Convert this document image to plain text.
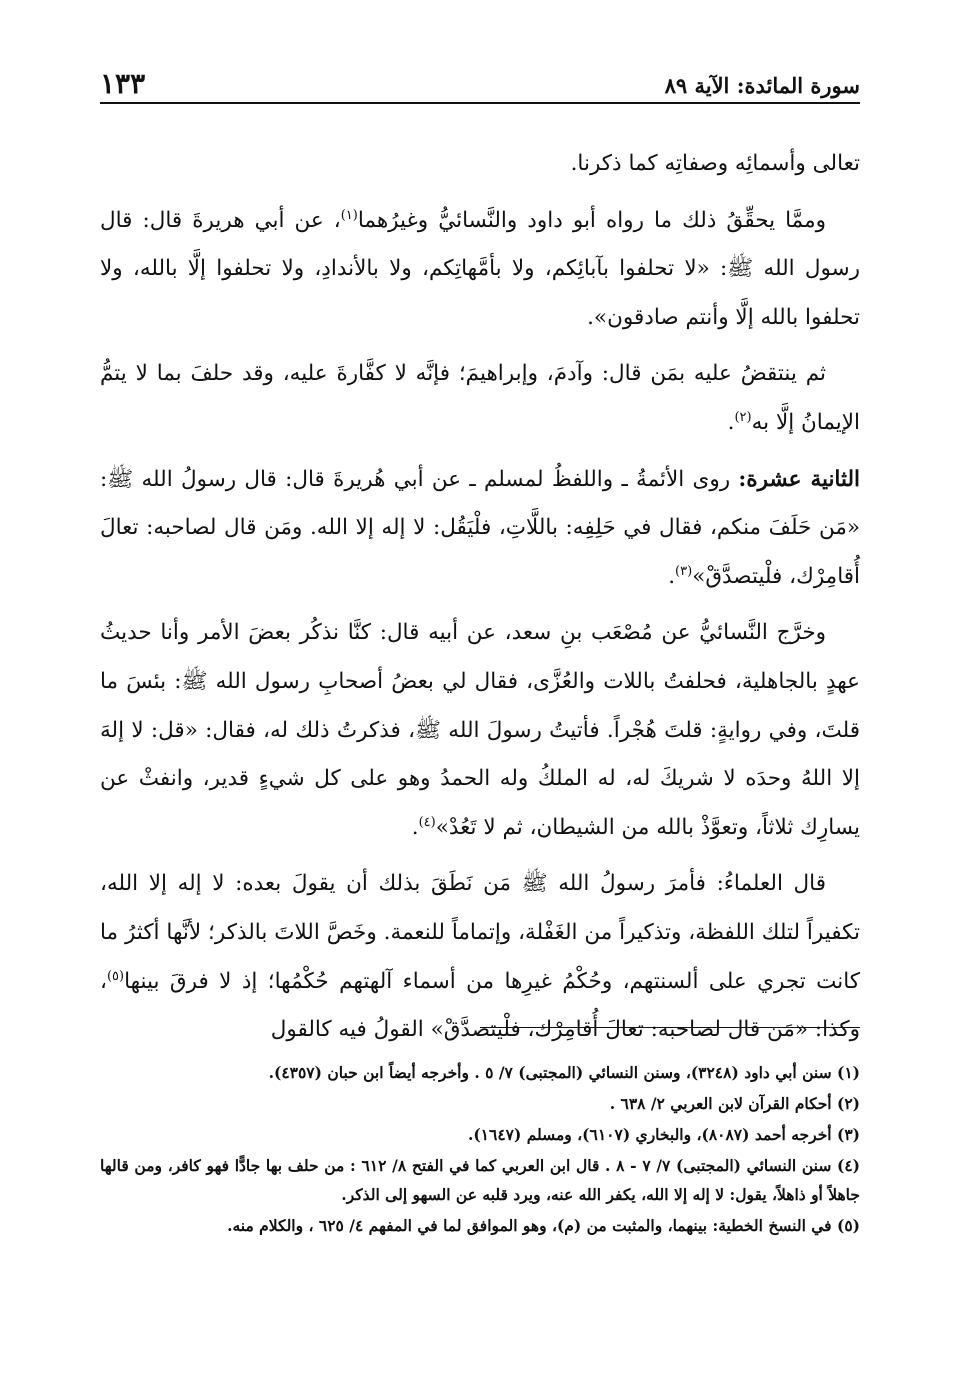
سورة المائدة: الآية ٨٩
١٣٣

تعالى وأسمائِه وصفاتِه كما ذكرنا.

وممَّا يحقِّقُ ذلك ما رواه أبو داود والنَّسائيُّ وغيرُهما$^{(١)}$، عن أبي هريرةَ قال: قال رسول الله ﷺ: «لا تحلفوا بآبائِكم، ولا بأمَّهاتِكم، ولا بالأندادِ، ولا تحلفوا إلَّا بالله، ولا تحلفوا بالله إلَّا وأنتم صادقون».

ثم ينتقضُ عليه بمَن قال: وآدمَ، وإبراهيمَ؛ فإنَّه لا كفَّارةَ عليه، وقد حلفَ بما لا يتمُّ الإيمانُ إلَّا به$^{(٢)}$.

الثانية عشرة: روى الأئمةُ ـ واللفظُ لمسلم ـ عن أبي هُريرةَ قال: قال رسولُ الله ﷺ: «مَن حَلَفَ منكم، فقال في حَلِفِه: باللَّاتِ، فلْيَقُل: لا إله إلا الله. ومَن قال لصاحبه: تعالَ أُقامِرْك، فلْيتصدَّقْ»$^{(٣)}$.

وخرَّج النَّسائيُّ عن مُصْعَب بنِ سعد، عن أبيه قال: كنَّا نذكُر بعضَ الأمر وأنا حديثُ عهدٍ بالجاهلية، فحلفتُ باللات والعُزَّى، فقال لي بعضُ أصحابِ رسول الله ﷺ: بئسَ ما قلتَ، وفي روايةٍ: قلتَ هُجْراً. فأتيتُ رسولَ الله ﷺ، فذكرتُ ذلك له، فقال: «قل: لا إلهَ إلا اللهُ وحدَه لا شريكَ له، له الملكُ وله الحمدُ وهو على كل شيءٍ قدير، وانفثْ عن يسارِك ثلاثاً، وتعوَّذْ بالله من الشيطان، ثم لا تَعُدْ»$^{(٤)}$.

قال العلماءُ: فأمرَ رسولُ الله ﷺ مَن نَطَقَ بذلك أن يقولَ بعده: لا إله إلا الله، تكفيراً لتلك اللفظة، وتذكيراً من الغَفْلة، وإتماماً للنعمة. وخَصَّ اللاتَ بالذكر؛ لأنَّها أكثرُ ما كانت تجري على ألسنتهم، وحُكْمُ غيرِها من أسماء آلهتهم حُكْمُها؛ إذ لا فرقَ بينها$^{(٥)}$، وكذا: «مَن قال لصاحبه: تعالَ أُقامِرْك، فلْيتصدَّقْ» القولُ فيه كالقول

(١) سنن أبي داود (٣٢٤٨)، وسنن النسائي (المجتبى) ٧/ ٥ . وأخرجه أيضاً ابن حبان (٤٣٥٧).

(٢) أحكام القرآن لابن العربي ٢/ ٦٣٨ .

(٣) أخرجه أحمد (٨٠٨٧)، والبخاري (٦١٠٧)، ومسلم (١٦٤٧).

(٤) سنن النسائي (المجتبى) ٧/ ٧ - ٨ . قال ابن العربي كما في الفتح ٨/ ٦١٢ : من حلف بها جادًّا فهو كافر، ومن قالها جاهلاً أو ذاهلاً، يقول: لا إله إلا الله، يكفر الله عنه، ويرد قلبه عن السهو إلى الذكر.

(٥) في النسخ الخطية: بينهما، والمثبت من (م)، وهو الموافق لما في المفهم ٤/ ٦٢٥ ، والكلام منه.
